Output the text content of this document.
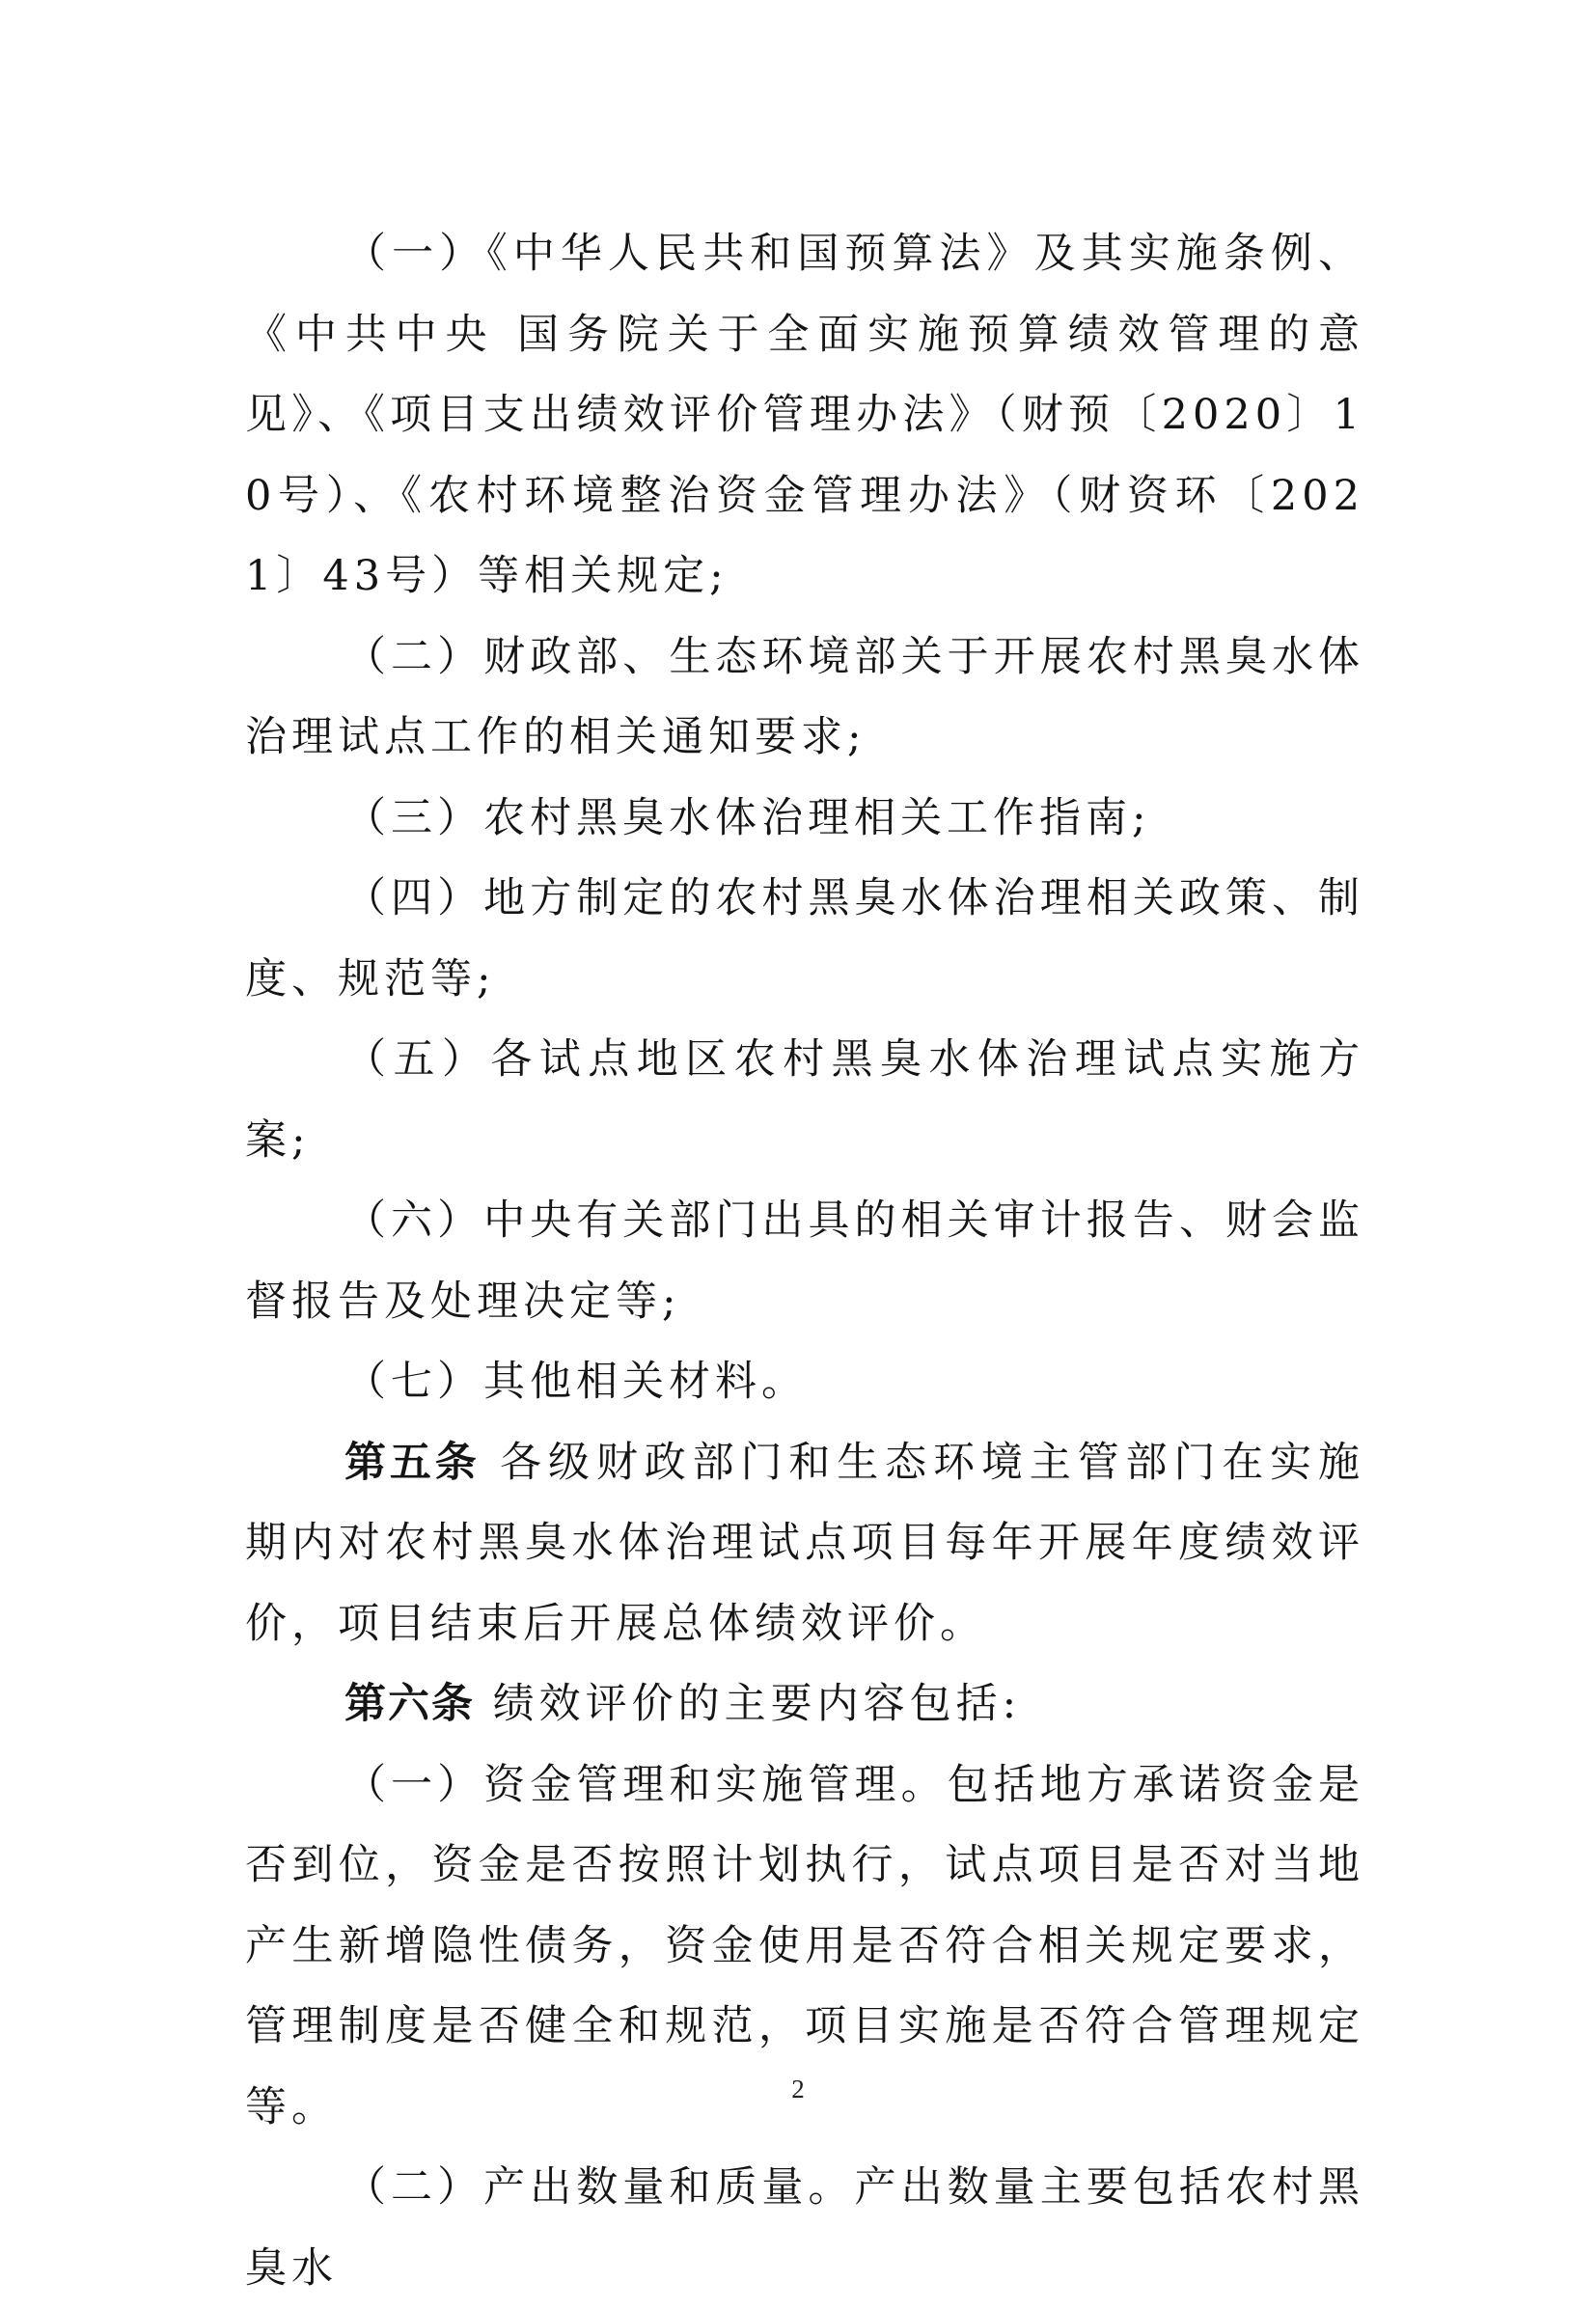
（一）《中华人民共和国预算法》及其实施条例、《中共中央 国务院关于全面实施预算绩效管理的意见》、《项目支出绩效评价管理办法》（财预〔2020〕10号）、《农村环境整治资金管理办法》（财资环〔2021〕43号）等相关规定;

（二）财政部、生态环境部关于开展农村黑臭水体治理试点工作的相关通知要求;

（三）农村黑臭水体治理相关工作指南;

（四）地方制定的农村黑臭水体治理相关政策、制度、规范等;

（五）各试点地区农村黑臭水体治理试点实施方案;

（六）中央有关部门出具的相关审计报告、财会监督报告及处理决定等;

（七）其他相关材料。

第五条 各级财政部门和生态环境主管部门在实施期内对农村黑臭水体治理试点项目每年开展年度绩效评价，项目结束后开展总体绩效评价。

第六条 绩效评价的主要内容包括:

（一）资金管理和实施管理。包括地方承诺资金是否到位，资金是否按照计划执行，试点项目是否对当地产生新增隐性债务，资金使用是否符合相关规定要求，管理制度是否健全和规范，项目实施是否符合管理规定等。

（二）产出数量和质量。产出数量主要包括农村黑臭水

2
